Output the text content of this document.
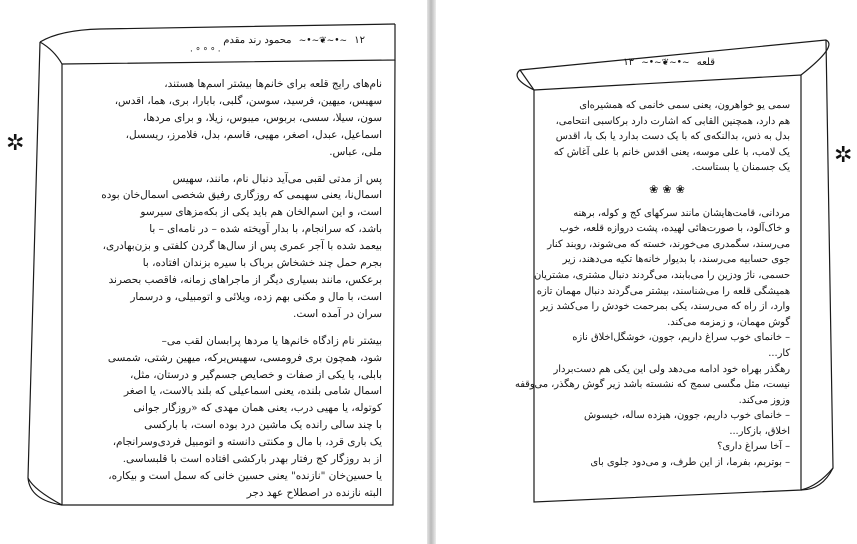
۱۲ ~•~❦~•~ محمود رند مقدم
· ° ° ° ·
✲

نام‌های رایج قلعه برای خانم‌ها بیشتر اسم‌ها هستند،
سهیس، میهین، فرسید، سوسن، گلبی، بابارا، بری، هما، اقدس،
سون، سیلا، سسی، بربوس، میبوس، زیلا، و برای مردها،
اسماعیل، عبدل، اصغر، مهیی، قاسم، بدل، فلامرز، ریسسل،
ملی، عباس.

پس از مدتی لقبی می‌آید دنبال نام، مانند، سهیس
اسمال‌نا، یعنی سهیمی که روزگاری رفیق شخصی اسمال‌خان بوده
است، و این اسم‌الخان هم باید یکی از بکه‌مزهای سیرسو
باشد، که سرانجام، با بدار آویخته شده – در نامه‌ای – با
بیعمد شده با آجر عمری پس از سال‌ها گردن کلفتی و بزن‌بهادری،
بجرم حمل چند خشخاش برباک با سیره بزندان افتاده، با
برعکس، مانند بسیاری دیگر از ماجراهای زمانه، فاقصب بحصرند
است، با مال و مکنی بهم زده، ویلائی و اتومبیلی، و درسمار
سران در آمده است.

بیشتر نام زادگاه خانم‌ها یا مردها پرابسان لقب می‌–
شود، همچون بری فرومسی، سهیس‌برکه، میهین رشتی، شمسی
بابلی، یا یکی از صفات و خصایص جسم‌گیر و درستان، مثل،
اسمال شامی بلنده، یعنی اسماعیلی که بلند بالاست، یا اصغر
کوتوله، یا مهیی درب، یعنی همان مهدی که «روزگار جوانی
با چند سالی رانده یک ماشین درد بوده است، با بارکسی
یک باری قرد، با مال و مکنتی دانسته و اتومبیل فردی‌وسرانجام،
از بد روزگار کج رفتار بهدر بارکشی افتاده است با قلبساسی.
یا حسین‌خان "نازنده" یعنی حسین خانی که سمل است و بیکاره،
البته نازنده در اصطلاح عهد دجر

قلعه ~•~❦~•~ ۱۳
✲

سمی یو خواهرون، یعنی سمی خانمی که همشیره‌ای
هم دارد، همچنین القابی که اشارت دارد برکاسبی انتحامی،
بدل به ذس، بدالنکه‌ی که با یک دست بدارد یا بک با، اقدس
یک لامب، با علی موسه، یعنی اقدس خانم با علی آغاش که
یک جسمنان یا بستاست.

❀❀❀

مردانی، قامت‌هایشان مانند سرکهای کج و کوله، برهنه
و خاک‌آلود، با صورت‌هائی لهیده، پشت دروازه قلعه، خوب
می‌رسند، سگمدری می‌خورند، خسته که می‌شوند، روبند کنار
جوی حسابیه می‌رسند، با بدیوار خانه‌ها تکیه می‌دهند، زیر
حسمی، ناژ ودزین را می‌بابند، می‌گردند دنبال مشتری، مشتریان
همیشگی قلعه را می‌شناسند، بیشتر می‌گردند دنبال مهمان تازه
وارد، از راه که می‌رسند، یکی بمرحمت خودش را می‌کشد زیر
گوش مهمان، و زمزمه می‌کند.

– خانمای خوب سراغ داریم، جوون، خوشگل‌اخلاق نازه
کار...

رهگذر بهراه خود ادامه می‌دهد ولی این یکی هم دست‌بردار
نیست، مثل مگسی سمج که نشسته باشد زیر گوش رهگذر، می‌وقفه
وزوز می‌کند.

– خانمای خوب داریم، جوون، هیزده ساله، خیسوش
اخلاق، بازکار...

– آخا سراغ داری؟

– بوتربم، بفرما، از این طرف، و می‌دود جلوی بای
